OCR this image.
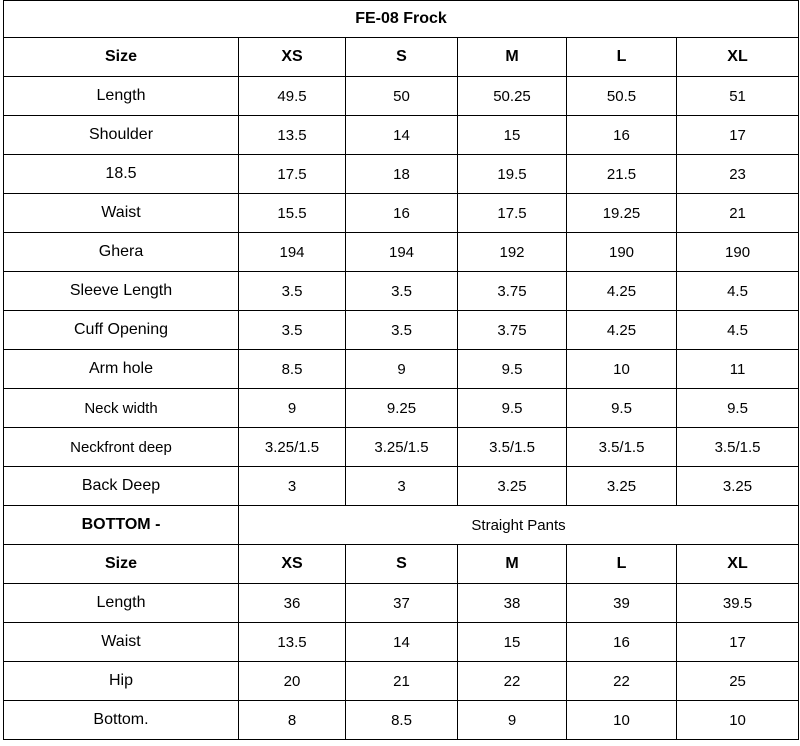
FE-08 Frock					
Size	XS	S	M	L	XL
Length	49.5	50	50.25	50.5	51
Shoulder	13.5	14	15	16	17
18.5	17.5	18	19.5	21.5	23
Waist	15.5	16	17.5	19.25	21
Ghera	194	194	192	190	190
Sleeve Length	3.5	3.5	3.75	4.25	4.5
Cuff Opening	3.5	3.5	3.75	4.25	4.5
Arm hole	8.5	9	9.5	10	11
Neck width	9	9.25	9.5	9.5	9.5
Neckfront deep	3.25/1.5	3.25/1.5	3.5/1.5	3.5/1.5	3.5/1.5
Back Deep	3	3	3.25	3.25	3.25
BOTTOM -	Straight Pants				
Size	XS	S	M	L	XL
Length	36	37	38	39	39.5
Waist	13.5	14	15	16	17
Hip	20	21	22	22	25
Bottom.	8	8.5	9	10	10
